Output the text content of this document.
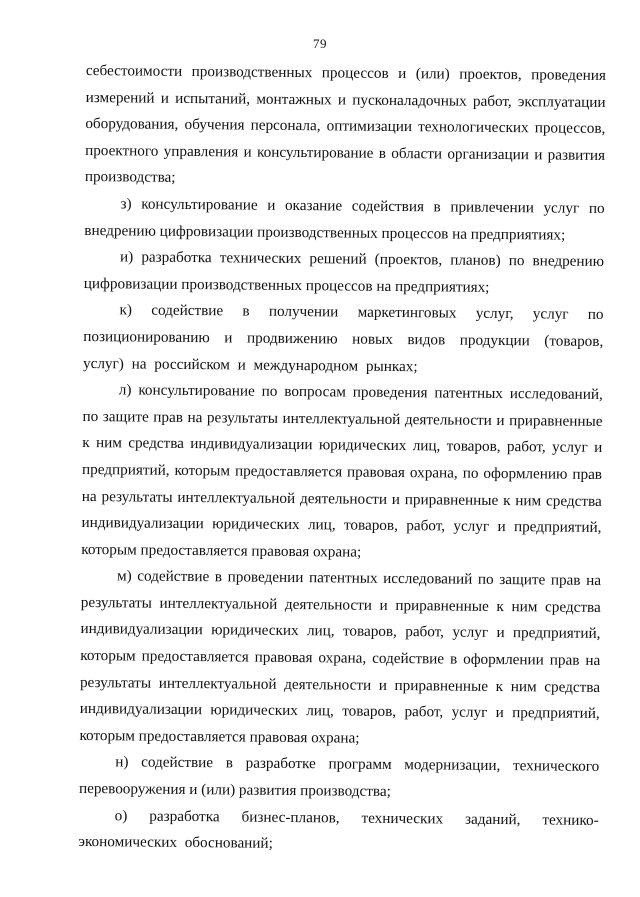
79

себестоимости производственных процессов и (или) проектов, проведения измерений и испытаний, монтажных и пусконаладочных работ, эксплуатации оборудования, обучения персонала, оптимизации технологических процессов, проектного управления и консультирование в области организации и развития производства;

з) консультирование и оказание содействия в привлечении услуг по внедрению цифровизации производственных процессов на предприятиях;

и) разработка технических решений (проектов, планов) по внедрению цифровизации производственных процессов на предприятиях;

к) содействие в получении маркетинговых услуг, услуг по позиционированию и продвижению новых видов продукции (товаров, услуг) на российском и международном рынках;

л) консультирование по вопросам проведения патентных исследований, по защите прав на результаты интеллектуальной деятельности и приравненные к ним средства индивидуализации юридических лиц, товаров, работ, услуг и предприятий, которым предоставляется правовая охрана, по оформлению прав на результаты интеллектуальной деятельности и приравненные к ним средства индивидуализации юридических лиц, товаров, работ, услуг и предприятий, которым предоставляется правовая охрана;

м) содействие в проведении патентных исследований по защите прав на результаты интеллектуальной деятельности и приравненные к ним средства индивидуализации юридических лиц, товаров, работ, услуг и предприятий, которым предоставляется правовая охрана, содействие в оформлении прав на результаты интеллектуальной деятельности и приравненные к ним средства индивидуализации юридических лиц, товаров, работ, услуг и предприятий, которым предоставляется правовая охрана;

н) содействие в разработке программ модернизации, технического перевооружения и (или) развития производства;

о) разработка бизнес-планов, технических заданий, технико-экономических обоснований;
